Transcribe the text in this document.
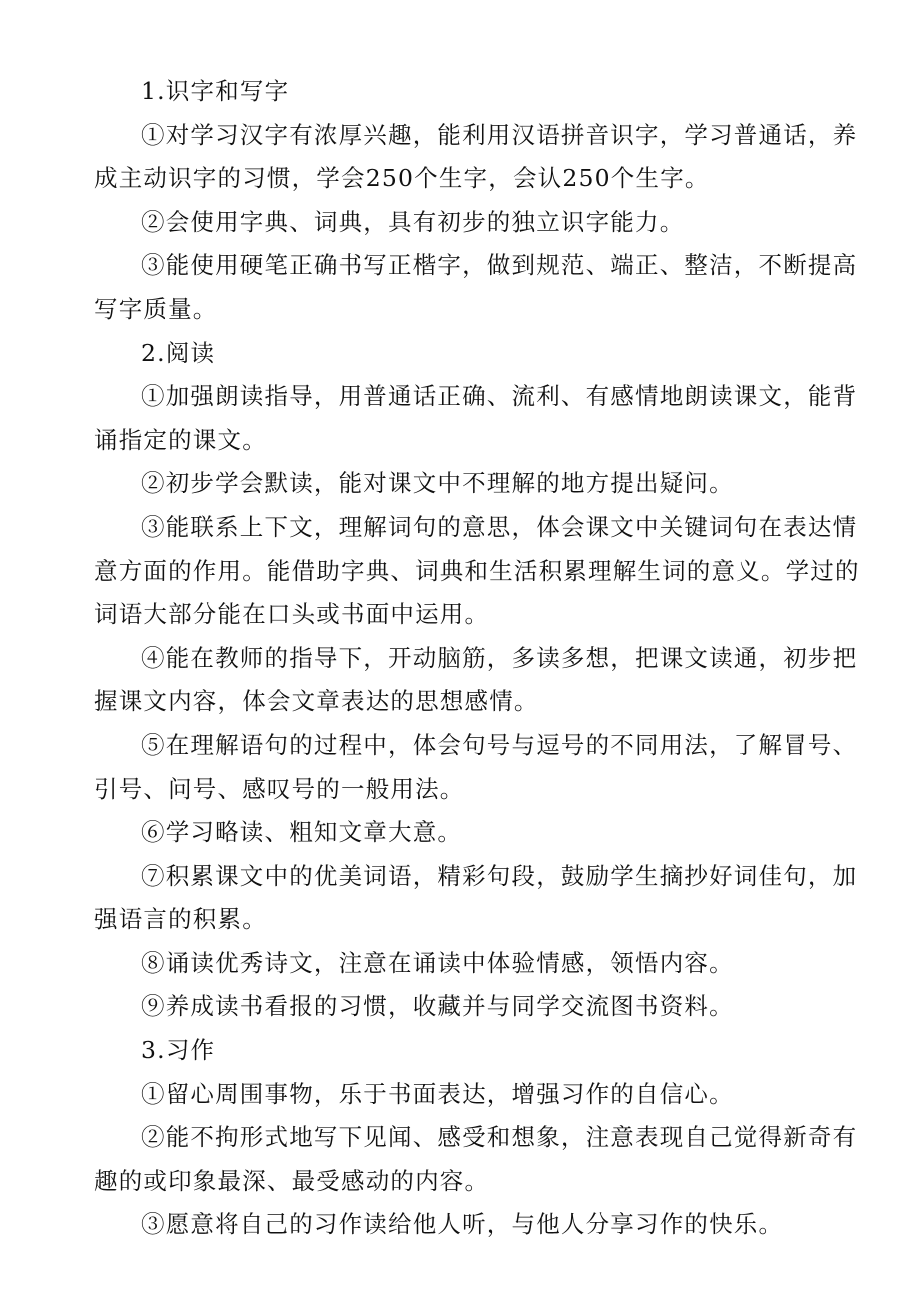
1.识字和写字

①对学习汉字有浓厚兴趣，能利用汉语拼音识字，学习普通话，养成主动识字的习惯，学会250个生字，会认250个生字。

②会使用字典、词典，具有初步的独立识字能力。

③能使用硬笔正确书写正楷字，做到规范、端正、整洁，不断提高写字质量。

2.阅读

①加强朗读指导，用普通话正确、流利、有感情地朗读课文，能背诵指定的课文。

②初步学会默读，能对课文中不理解的地方提出疑问。

③能联系上下文，理解词句的意思，体会课文中关键词句在表达情意方面的作用。能借助字典、词典和生活积累理解生词的意义。学过的词语大部分能在口头或书面中运用。

④能在教师的指导下，开动脑筋，多读多想，把课文读通，初步把握课文内容，体会文章表达的思想感情。

⑤在理解语句的过程中，体会句号与逗号的不同用法，了解冒号、引号、问号、感叹号的一般用法。

⑥学习略读、粗知文章大意。

⑦积累课文中的优美词语，精彩句段，鼓励学生摘抄好词佳句，加强语言的积累。

⑧诵读优秀诗文，注意在诵读中体验情感，领悟内容。

⑨养成读书看报的习惯，收藏并与同学交流图书资料。

3.习作

①留心周围事物，乐于书面表达，增强习作的自信心。

②能不拘形式地写下见闻、感受和想象，注意表现自己觉得新奇有趣的或印象最深、最受感动的内容。

③愿意将自己的习作读给他人听，与他人分享习作的快乐。
